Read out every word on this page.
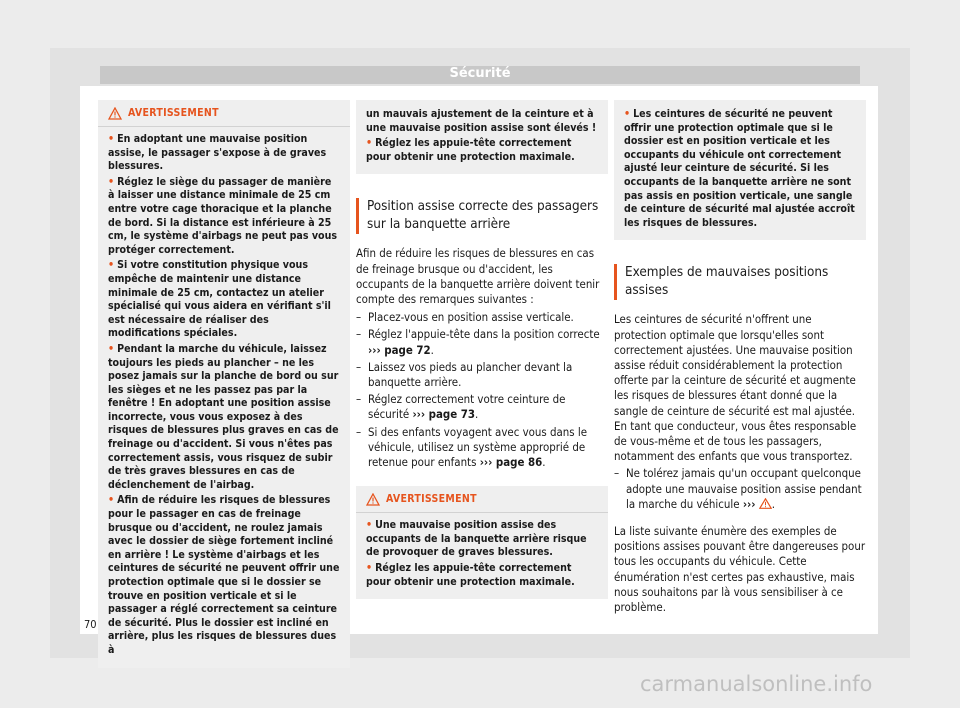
Sécurité
AVERTISSEMENT
• En adoptant une mauvaise position assise, le passager s'expose à de graves blessures.
• Réglez le siège du passager de manière à laisser une distance minimale de 25 cm entre votre cage thoracique et la planche de bord. Si la distance est inférieure à 25 cm, le système d'airbags ne peut pas vous protéger correctement.
• Si votre constitution physique vous empêche de maintenir une distance minimale de 25 cm, contactez un atelier spécialisé qui vous aidera en vérifiant s'il est nécessaire de réaliser des modifications spéciales.
• Pendant la marche du véhicule, laissez toujours les pieds au plancher – ne les posez jamais sur la planche de bord ou sur les sièges et ne les passez pas par la fenêtre ! En adoptant une position assise incorrecte, vous vous exposez à des risques de blessures plus graves en cas de freinage ou d'accident. Si vous n'êtes pas correctement assis, vous risquez de subir de très graves blessures en cas de déclenchement de l'airbag.
• Afin de réduire les risques de blessures pour le passager en cas de freinage brusque ou d'accident, ne roulez jamais avec le dossier de siège fortement incliné en arrière ! Le système d'airbags et les ceintures de sécurité ne peuvent offrir une protection optimale que si le dossier se trouve en position verticale et si le passager a réglé correctement sa ceinture de sécurité. Plus le dossier est incliné en arrière, plus les risques de blessures dues à
un mauvais ajustement de la ceinture et à une mauvaise position assise sont élevés !
• Réglez les appuie-tête correctement pour obtenir une protection maximale.
Position assise correcte des passagers sur la banquette arrière
Afin de réduire les risques de blessures en cas de freinage brusque ou d'accident, les occupants de la banquette arrière doivent tenir compte des remarques suivantes :
– Placez-vous en position assise verticale.
– Réglez l'appuie-tête dans la position correcte ››› page 72.
– Laissez vos pieds au plancher devant la banquette arrière.
– Réglez correctement votre ceinture de sécurité ››› page 73.
– Si des enfants voyagent avec vous dans le véhicule, utilisez un système approprié de retenue pour enfants ››› page 86.
AVERTISSEMENT
• Une mauvaise position assise des occupants de la banquette arrière risque de provoquer de graves blessures.
• Réglez les appuie-tête correctement pour obtenir une protection maximale.
• Les ceintures de sécurité ne peuvent offrir une protection optimale que si le dossier est en position verticale et les occupants du véhicule ont correctement ajusté leur ceinture de sécurité. Si les occupants de la banquette arrière ne sont pas assis en position verticale, une sangle de ceinture de sécurité mal ajustée accroît les risques de blessures.
Exemples de mauvaises positions assises
Les ceintures de sécurité n'offrent une protection optimale que lorsqu'elles sont correctement ajustées. Une mauvaise position assise réduit considérablement la protection offerte par la ceinture de sécurité et augmente les risques de blessures étant donné que la sangle de ceinture de sécurité est mal ajustée. En tant que conducteur, vous êtes responsable de vous-même et de tous les passagers, notamment des enfants que vous transportez.
– Ne tolérez jamais qu'un occupant quelconque adopte une mauvaise position assise pendant la marche du véhicule ››› .
La liste suivante énumère des exemples de positions assises pouvant être dangereuses pour tous les occupants du véhicule. Cette énumération n'est certes pas exhaustive, mais nous souhaitons par là vous sensibiliser à ce problème.
70
carmanualsonline.info
